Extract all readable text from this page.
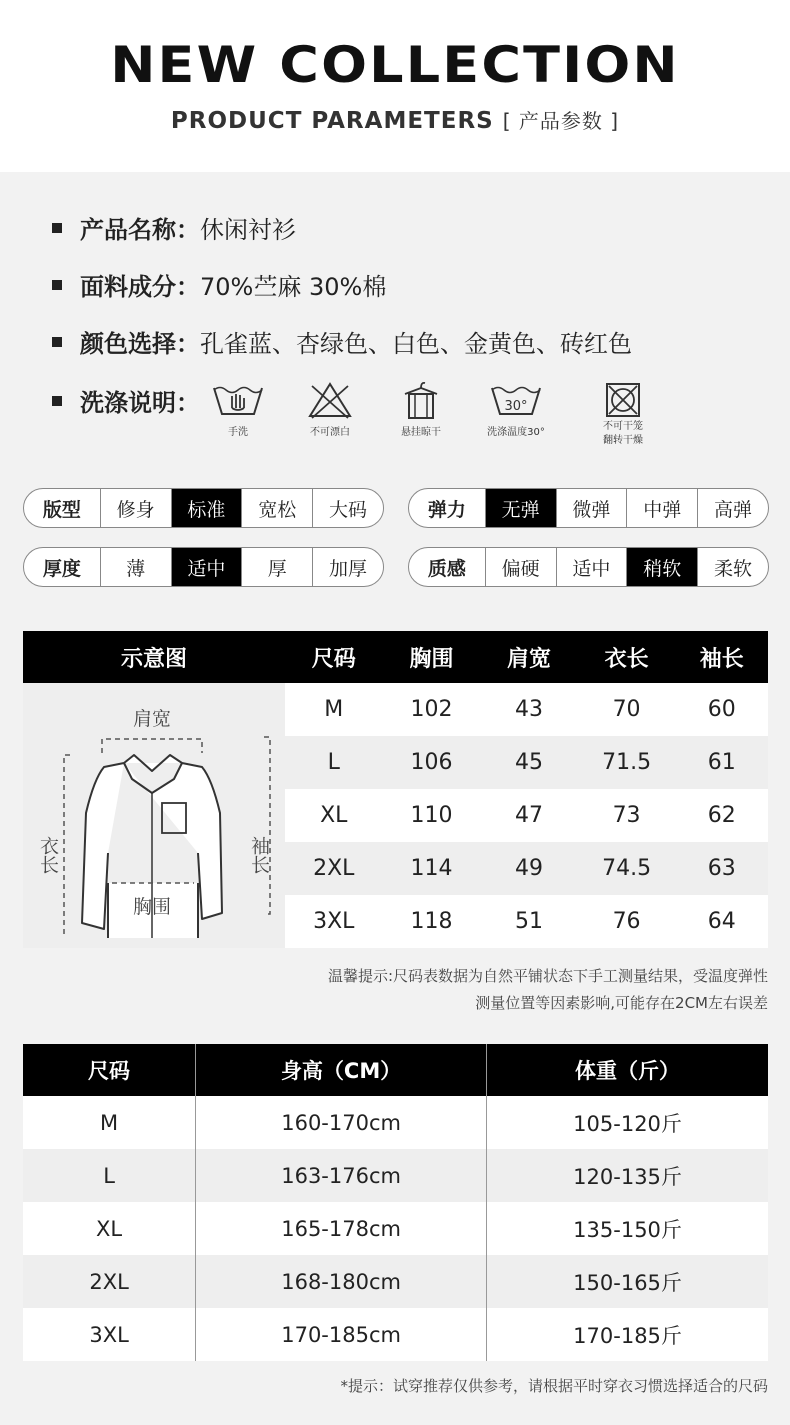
NEW COLLECTION
PRODUCT PARAMETERS [ 产品参数 ]
产品名称：休闲衬衫
面料成分：70%苎麻 30%棉
颜色选择：孔雀蓝、杏绿色、白色、金黄色、砖红色
洗涤说明：
手洗	不可漂白	悬挂晾干
30°
洗涤温度30°
不可干笼
翻转干燥
版型	修身	标准	宽松	大码	弹力	无弹	微弹	中弹	高弹
厚度	薄	适中	厚	加厚	质感	偏硬	适中	稍软	柔软
示意图	尺码	胸围	肩宽	衣长	袖长

肩宽
衣长 袖长
胸围	M	102	43	70	60
	L	106	45	71.5	61
	XL	110	47	73	62
	2XL	114	49	74.5	63
	3XL	118	51	76	64
温馨提示:尺码表数据为自然平铺状态下手工测量结果，受温度弹性
测量位置等因素影响,可能存在2CM左右误差
尺码	身高（CM）	体重（斤）
M	160-170cm	105-120斤
L	163-176cm	120-135斤
XL	165-178cm	135-150斤
2XL	168-180cm	150-165斤
3XL	170-185cm	170-185斤
*提示：试穿推荐仅供参考，请根据平时穿衣习惯选择适合的尺码
